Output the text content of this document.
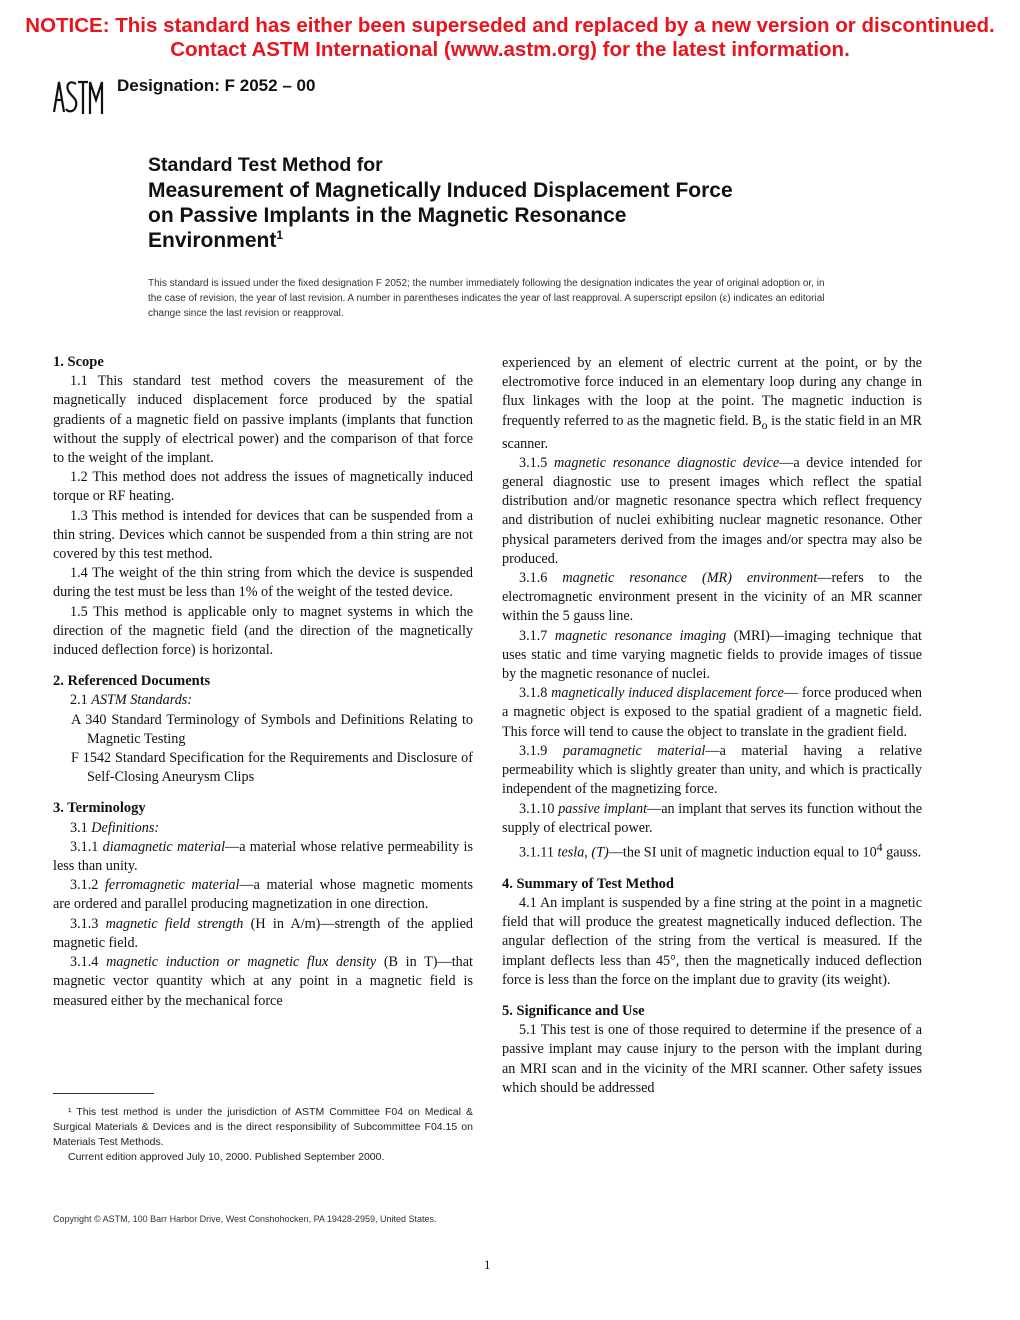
NOTICE: This standard has either been superseded and replaced by a new version or discontinued.
Contact ASTM International (www.astm.org) for the latest information.
Designation: F 2052 – 00
Standard Test Method for
Measurement of Magnetically Induced Displacement Force
on Passive Implants in the Magnetic Resonance
Environment$^1$
This standard is issued under the fixed designation F 2052; the number immediately following the designation indicates the year of original adoption or, in the case of revision, the year of last revision. A number in parentheses indicates the year of last reapproval. A superscript epsilon (ε) indicates an editorial change since the last revision or reapproval.
1. Scope

1.1 This standard test method covers the measurement of the magnetically induced displacement force produced by the spatial gradients of a magnetic field on passive implants (implants that function without the supply of electrical power) and the comparison of that force to the weight of the implant.

1.2 This method does not address the issues of magnetically induced torque or RF heating.

1.3 This method is intended for devices that can be suspended from a thin string. Devices which cannot be suspended from a thin string are not covered by this test method.

1.4 The weight of the thin string from which the device is suspended during the test must be less than 1% of the weight of the tested device.

1.5 This method is applicable only to magnet systems in which the direction of the magnetic field (and the direction of the magnetically induced deflection force) is horizontal.

2. Referenced Documents

2.1 ASTM Standards:

A 340 Standard Terminology of Symbols and Definitions Relating to Magnetic Testing

F 1542 Standard Specification for the Requirements and Disclosure of Self-Closing Aneurysm Clips

3. Terminology

3.1 Definitions:

3.1.1 diamagnetic material—a material whose relative permeability is less than unity.

3.1.2 ferromagnetic material—a material whose magnetic moments are ordered and parallel producing magnetization in one direction.

3.1.3 magnetic field strength (H in A/m)—strength of the applied magnetic field.

3.1.4 magnetic induction or magnetic flux density (B in T)—that magnetic vector quantity which at any point in a magnetic field is measured either by the mechanical force

experienced by an element of electric current at the point, or by the electromotive force induced in an elementary loop during any change in flux linkages with the loop at the point. The magnetic induction is frequently referred to as the magnetic field. $B_o$ is the static field in an MR scanner.

3.1.5 magnetic resonance diagnostic device—a device intended for general diagnostic use to present images which reflect the spatial distribution and/or magnetic resonance spectra which reflect frequency and distribution of nuclei exhibiting nuclear magnetic resonance. Other physical parameters derived from the images and/or spectra may also be produced.

3.1.6 magnetic resonance (MR) environment—refers to the electromagnetic environment present in the vicinity of an MR scanner within the 5 gauss line.

3.1.7 magnetic resonance imaging (MRI)—imaging technique that uses static and time varying magnetic fields to provide images of tissue by the magnetic resonance of nuclei.

3.1.8 magnetically induced displacement force— force produced when a magnetic object is exposed to the spatial gradient of a magnetic field. This force will tend to cause the object to translate in the gradient field.

3.1.9 paramagnetic material—a material having a relative permeability which is slightly greater than unity, and which is practically independent of the magnetizing force.

3.1.10 passive implant—an implant that serves its function without the supply of electrical power.

3.1.11 tesla, (T)—the SI unit of magnetic induction equal to $10^4$ gauss.

4. Summary of Test Method

4.1 An implant is suspended by a fine string at the point in a magnetic field that will produce the greatest magnetically induced deflection. The angular deflection of the string from the vertical is measured. If the implant deflects less than 45°, then the magnetically induced deflection force is less than the force on the implant due to gravity (its weight).

5. Significance and Use

5.1 This test is one of those required to determine if the presence of a passive implant may cause injury to the person with the implant during an MRI scan and in the vicinity of the MRI scanner. Other safety issues which should be addressed

¹ This test method is under the jurisdiction of ASTM Committee F04 on Medical & Surgical Materials & Devices and is the direct responsibility of Subcommittee F04.15 on Materials Test Methods.

Current edition approved July 10, 2000. Published September 2000.

Copyright © ASTM, 100 Barr Harbor Drive, West Conshohocken, PA 19428-2959, United States.
1
